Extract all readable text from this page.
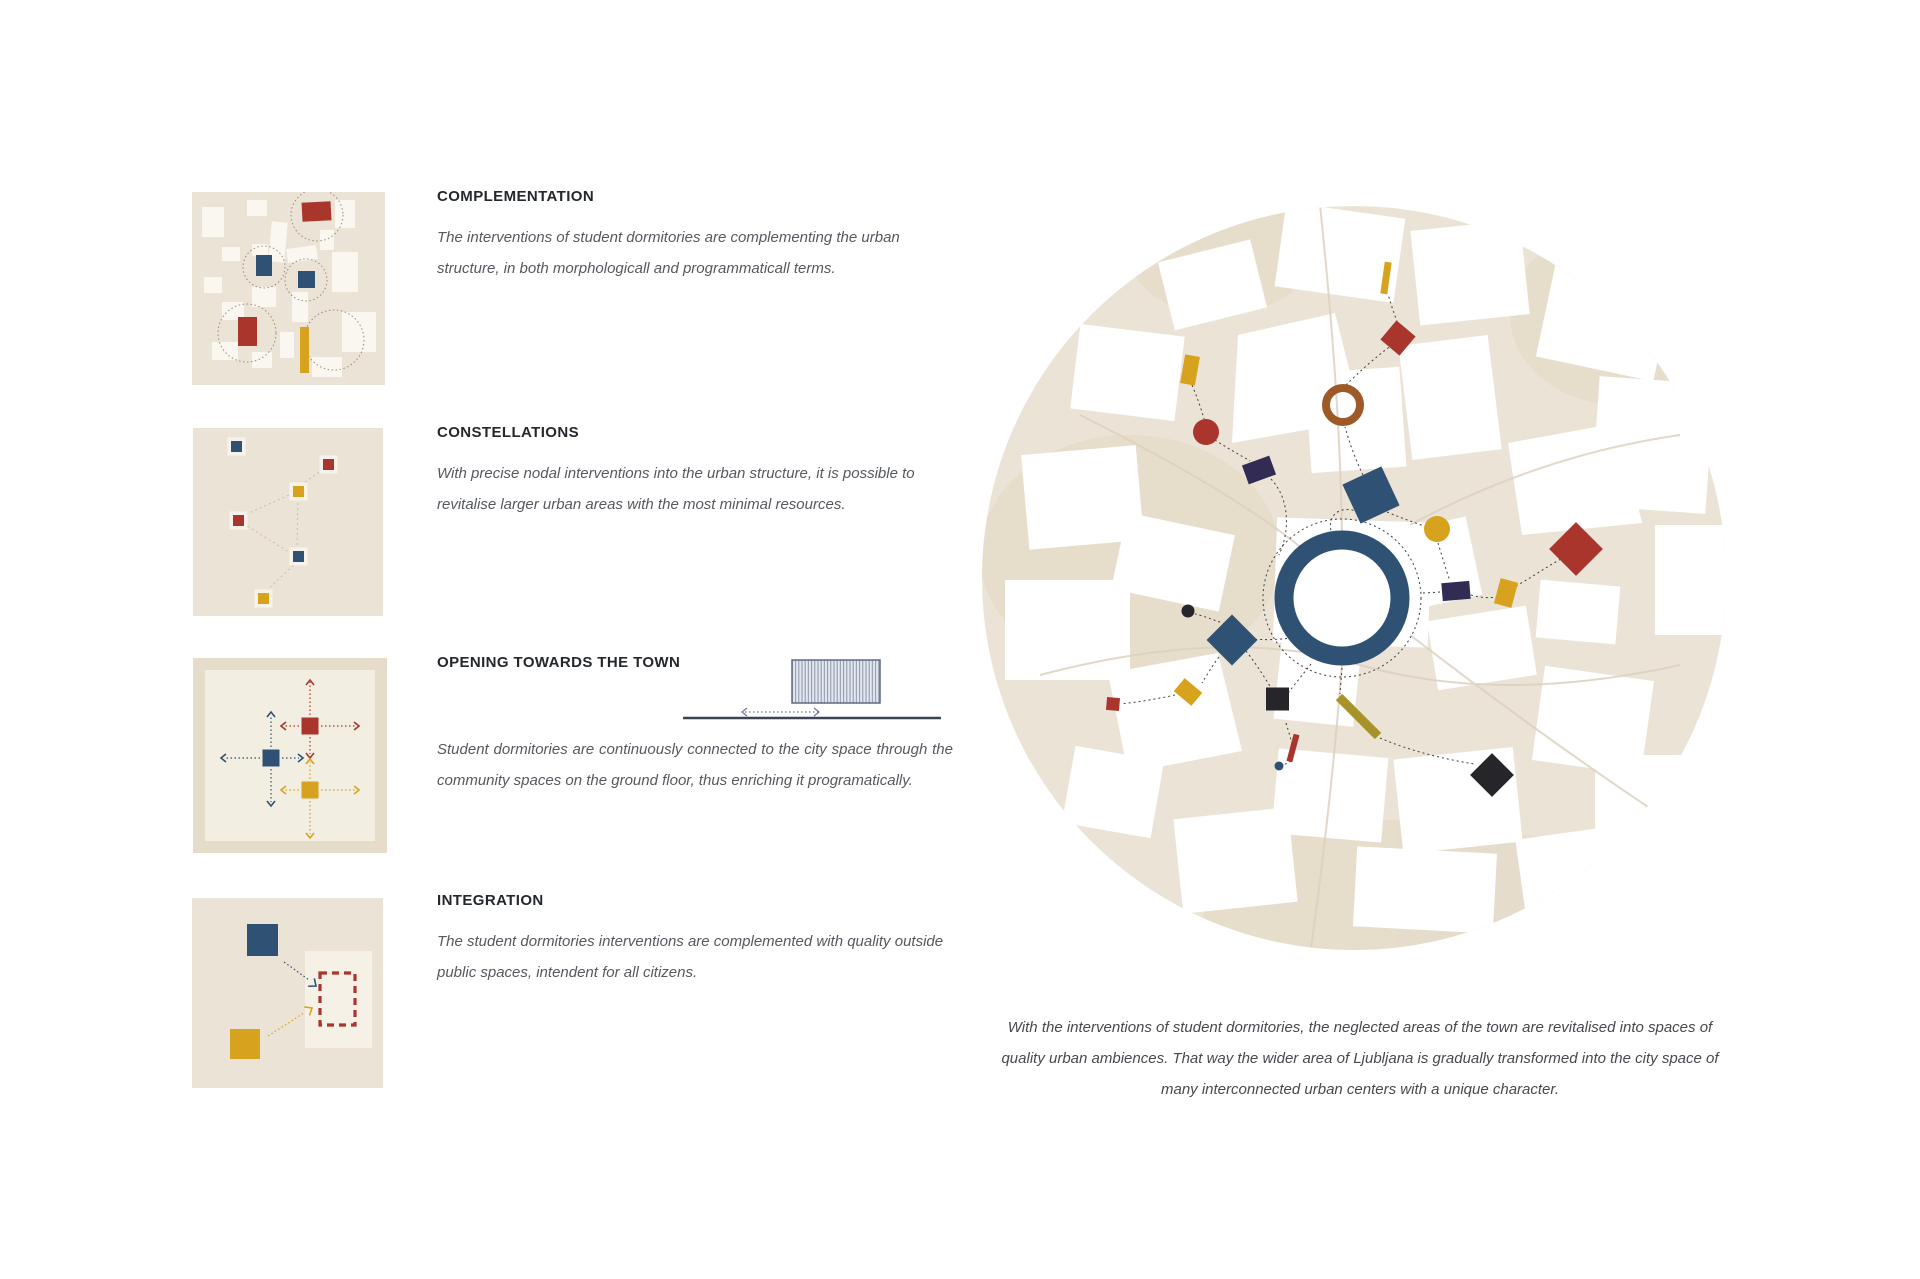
COMPLEMENTATION

The interventions of student dormitories are complementing the urban structure, in both morphologicall and programmaticall terms.

CONSTELLATIONS

With precise nodal interventions into the urban structure, it is possible to revitalise larger urban areas with the most minimal resources.

OPENING TOWARDS THE TOWN

Student dormitories are continuously connected to the city space through the community spaces on the ground floor, thus enriching it programatically.

INTEGRATION

The student dormitories interventions are complemented with quality outside public spaces, intendent for all citizens.

With the interventions of student dormitories, the neglected areas of the town are revitalised into spaces of quality urban ambiences. That way the wider area of Ljubljana is gradually transformed into the city space of many interconnected urban centers with a unique character.
